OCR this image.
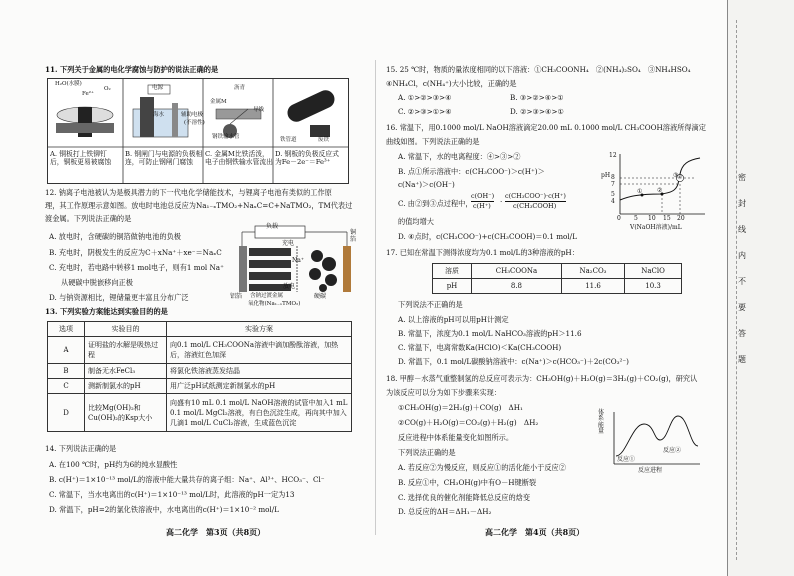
11. 下列关于金属的电化学腐蚀与防护的说法正确的是
H₂O(水膜)
Fe²⁺
O₂	电源
海水	辅助电极
(不溶性)
金属M
沥青
导线
钢铁输水管	铁管道	废铁
A. 铜板打上铁铆钉后，铜板更易被腐蚀
B. 钢闸门与电源的负极相连，可防止钢闸门腐蚀
C. 金属M比铁活泼，电子由钢铁输水管流出
D. 钢板的负极反应式为Fe－2e⁻＝Fe³⁺
12. 钠离子电池被认为是极具潜力的下一代电化学储能技术，与锂离子电池有类似的工作原
理，其工作原理示意如图。放电时电池总反应为Na₁₋ₓTMO₂+NaₓC=C+NaTMO₂，TM代表过
渡金属。下列说法正确的是
A. 放电时，含硬碳的铜箔做钠电池的负极
B. 充电时，阴极发生的反应为C＋xNa⁺＋xe⁻＝NaₓC
C. 充电时，若电路中转移1 mol电子，则有1 mol Na⁺
从硬碳中脱嵌移向正极
D. 与钠资源相比，锂储量更丰富且分布广泛
负载
充电
Na⁺
放电
铝箔 含钠过渡金属
氧化物(Na₁₋ₓTMO₂)
硬碳
铜箔
13. 下列实验方案能达到实验目的的是
选项	实验目的	实验方案
A	证明盐的水解是吸热过程	向0.1 mol/L CH₃COONa溶液中滴加酚酞溶液，加热后，溶液红色加深
B	制备无水FeCl₃	将氯化铁溶液蒸发结晶
C	测新制氯水的pH	用广泛pH试纸测定新制氯水的pH
D	比较Mg(OH)₂和Cu(OH)₂的Ksp大小	向盛有10 mL 0.1 mol/L NaOH溶液的试管中加入1 mL 0.1 mol/L MgCl₂溶液，有白色沉淀生成，再向其中加入几滴1 mol/L CuCl₂溶液，生成蓝色沉淀
14. 下列说法正确的是
A. 在100 ℃时，pH约为6的纯水显酸性
B. c(H⁺)＝1×10⁻¹³ mol/L的溶液中能大量共存的离子组：Na⁺、Al³⁺、HCO₃⁻、Cl⁻
C. 常温下，当水电离出的c(H⁺)＝1×10⁻¹³ mol/L时，此溶液的pH一定为13
D. 常温下，pH=2的氯化铁溶液中，水电离出的c(H⁺)＝1×10⁻² mol/L
高二化学　第3页（共8页）
15. 25 ℃时，物质的量浓度相同的以下溶液：①CH₃COONH₄　②(NH₄)₂SO₄　③NH₄HSO₄
④NH₄Cl，c(NH₄⁺)大小比较，正确的是
A. ①>②>③>④	B. ③>②>④>①
C. ②>③>①>④	D. ②>③>④>①
16. 常温下，用0.1000 mol/L NaOH溶液滴定20.00 mL 0.1000 mol/L CH₃COOH溶液所得滴定
曲线如图。下列说法正确的是
A. 常温下，水的电离程度：④>③>②
B. 点①所示溶液中：c(CH₃COO⁻)＞c(H⁺)＞
c(Na⁺)＞c(OH⁻)
C. 由②到③点过程中，
c(OH⁻)
c(H⁺) ·
c(CH₃COO⁻)·c(H⁺)
c(CH₃COOH)
的值均增大
D. ④点时，c(CH₃COO⁻)+c(CH₃COOH)＝0.1 mol/L
pH
12
8
7
5
4
0 5 10 15 20
V(NaOH溶液)/mL
① ②
③
④
17. 已知在常温下测得浓度均为0.1 mol/L的3种溶液的pH：
溶质	CH₃COONa	Na₂CO₃	NaClO
pH	8.8	11.6	10.3
下列说法不正确的是
A. 以上溶液的pH可以用pH计测定
B. 常温下，浓度为0.1 mol/L NaHCO₃溶液的pH＞11.6
C. 常温下，电离常数Ka(HClO)＜Ka(CH₃COOH)
D. 常温下，0.1 mol/L碳酸钠溶液中：c(Na⁺)＞c(HCO₃⁻)＋2c(CO₃²⁻)
18. 甲醇－水蒸气重整制氢的总反应可表示为：CH₃OH(g)＋H₂O(g)＝3H₂(g)＋CO₂(g)，研究认
为该反应可以分为如下步骤来实现：
①CH₃OH(g)＝2H₂(g)＋CO(g)　ΔH₁
②CO(g)＋H₂O(g)＝CO₂(g)＋H₂(g)　ΔH₂
反应进程中体系能量变化如图所示。
下列说法正确的是
A. 若反应②为慢反应，则反应①的活化能小于反应②
B. 反应①中，CH₃OH(g)中有O－H键断裂
C. 选择优良的催化剂能降低总反应的焓变
D. 总反应的ΔH＝ΔH₁－ΔH₂
体系能量
反应①
反应②
反应进程
高二化学　第4页（共8页）
密
封
线
内
不
要
答
题
